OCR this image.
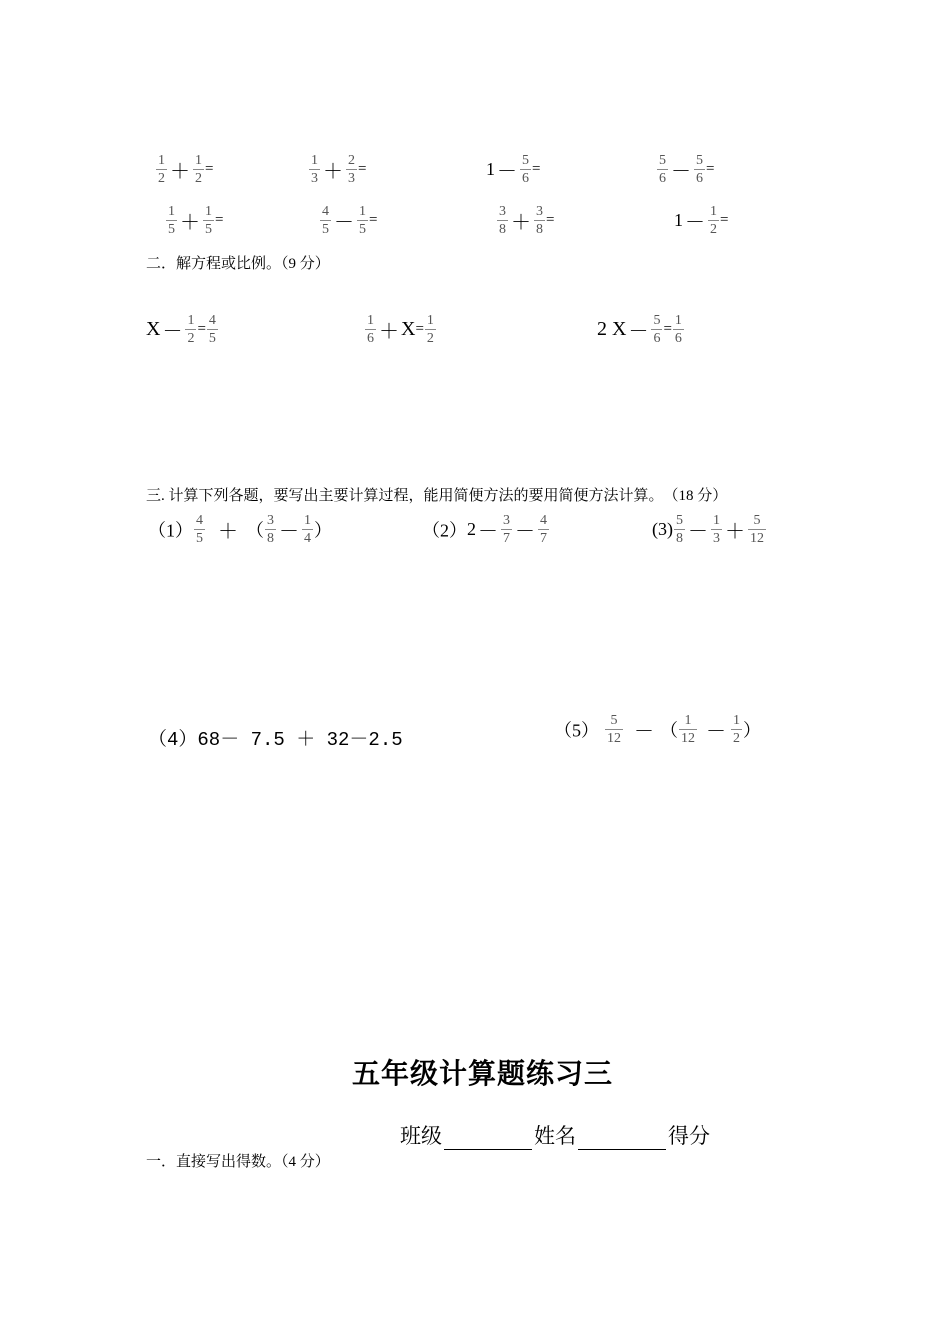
$\frac{1}{2} + \frac{1}{2}$ =	$\frac{1}{3} + \frac{2}{3}$ =	$1 - \frac{5}{6}$ =	$\frac{5}{6} - \frac{5}{6}$ =
$\frac{1}{5} + \frac{1}{5}$ =	$\frac{4}{5} - \frac{1}{5}$ =	$\frac{3}{8} + \frac{3}{8}$ =	$1 - \frac{1}{2}$ =
二．解方程或比例。（9 分）
$X - \frac{1}{2} = \frac{4}{5}$	$\frac{1}{6} + X= \frac{1}{2}$	2 $X - \frac{5}{6} = \frac{1}{6}$
三. 计算下列各题，要写出主要计算过程，能用简便方法的要用简便方法计算。　（18 分）
$(1) \frac{4}{5}$ ＋ （ $\frac{3}{8} - \frac{1}{4}$ ）	$(2)2 - \frac{3}{7} - \frac{4}{7}$	$(3) \frac{5}{8} - \frac{1}{3} + \frac{5}{12}$
（4）68－ 7.5 ＋ 32－2.5	$(5) \frac{5}{12}$ － （ $\frac{1}{12} - \frac{1}{2}$ ）
五年级计算题练习三
班级	姓名	得分
一．直接写出得数。（4 分）
